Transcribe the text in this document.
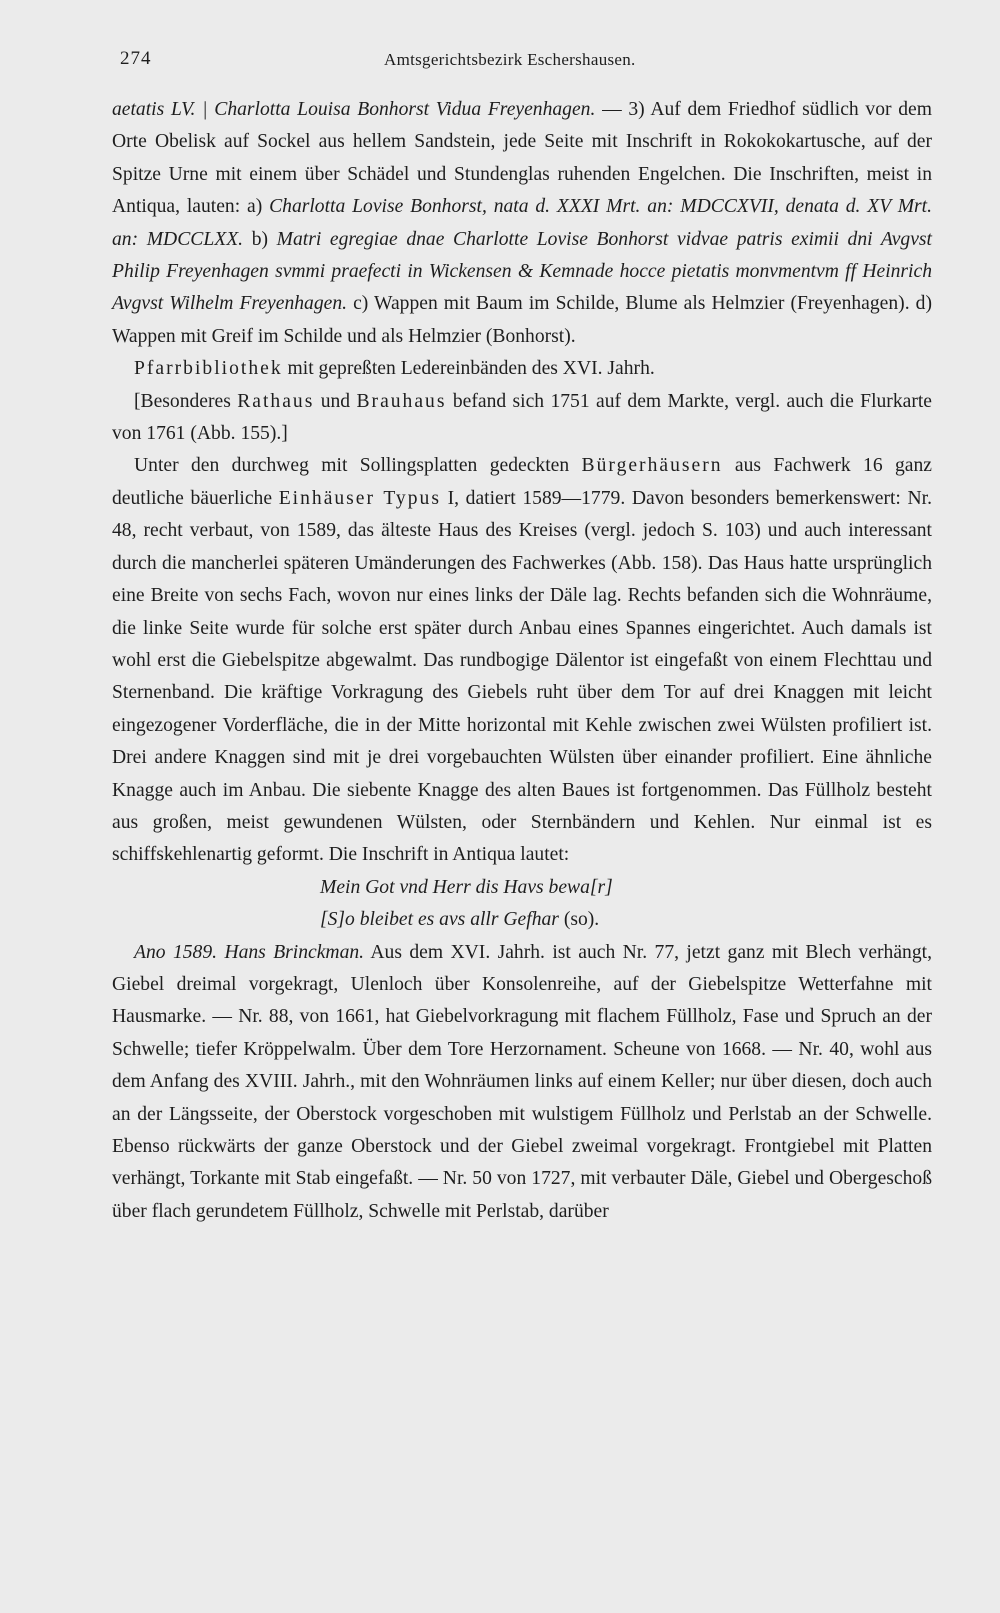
274	Amtsgerichtsbezirk Eschershausen.

aetatis LV. | Charlotta Louisa Bonhorst Vidua Freyenhagen. — 3) Auf dem Friedhof südlich vor dem Orte Obelisk auf Sockel aus hellem Sandstein, jede Seite mit Inschrift in Rokokokartusche, auf der Spitze Urne mit einem über Schädel und Stundenglas ruhenden Engelchen. Die Inschriften, meist in Antiqua, lauten: a) Charlotta Lovise Bonhorst, nata d. XXXI Mrt. an: MDCCXVII, denata d. XV Mrt. an: MDCCLXX. b) Matri egregiae dnae Charlotte Lovise Bonhorst vidvae patris eximii dni Avgvst Philip Freyenhagen svmmi praefecti in Wickensen & Kemnade hocce pietatis monvmentvm ff Heinrich Avgvst Wilhelm Freyenhagen. c) Wappen mit Baum im Schilde, Blume als Helmzier (Freyenhagen). d) Wappen mit Greif im Schilde und als Helmzier (Bonhorst).

Pfarrbibliothek mit gepreßten Ledereinbänden des XVI. Jahrh.

[Besonderes Rathaus und Brauhaus befand sich 1751 auf dem Markte, vergl. auch die Flurkarte von 1761 (Abb. 155).]

Unter den durchweg mit Sollingsplatten gedeckten Bürgerhäusern aus Fachwerk 16 ganz deutliche bäuerliche Einhäuser Typus I, datiert 1589—1779. Davon besonders bemerkenswert: Nr. 48, recht verbaut, von 1589, das älteste Haus des Kreises (vergl. jedoch S. 103) und auch interessant durch die mancherlei späteren Umänderungen des Fachwerkes (Abb. 158). Das Haus hatte ursprünglich eine Breite von sechs Fach, wovon nur eines links der Däle lag. Rechts befanden sich die Wohnräume, die linke Seite wurde für solche erst später durch Anbau eines Spannes eingerichtet. Auch damals ist wohl erst die Giebelspitze abgewalmt. Das rundbogige Dälentor ist eingefaßt von einem Flechttau und Sternenband. Die kräftige Vorkragung des Giebels ruht über dem Tor auf drei Knaggen mit leicht eingezogener Vorderfläche, die in der Mitte horizontal mit Kehle zwischen zwei Wülsten profiliert ist. Drei andere Knaggen sind mit je drei vorgebauchten Wülsten über einander profiliert. Eine ähnliche Knagge auch im Anbau. Die siebente Knagge des alten Baues ist fortgenommen. Das Füllholz besteht aus großen, meist gewundenen Wülsten, oder Sternbändern und Kehlen. Nur einmal ist es schiffskehlenartig geformt. Die Inschrift in Antiqua lautet:

Mein Got vnd Herr dis Havs bewa[r]
[S]o bleibet es avs allr Gefhar (so).

Ano 1589. Hans Brinckman. Aus dem XVI. Jahrh. ist auch Nr. 77, jetzt ganz mit Blech verhängt, Giebel dreimal vorgekragt, Ulenloch über Konsolenreihe, auf der Giebelspitze Wetterfahne mit Hausmarke. — Nr. 88, von 1661, hat Giebelvorkragung mit flachem Füllholz, Fase und Spruch an der Schwelle; tiefer Kröppelwalm. Über dem Tore Herzornament. Scheune von 1668. — Nr. 40, wohl aus dem Anfang des XVIII. Jahrh., mit den Wohnräumen links auf einem Keller; nur über diesen, doch auch an der Längsseite, der Oberstock vorgeschoben mit wulstigem Füllholz und Perlstab an der Schwelle. Ebenso rückwärts der ganze Oberstock und der Giebel zweimal vorgekragt. Frontgiebel mit Platten verhängt, Torkante mit Stab eingefaßt. — Nr. 50 von 1727, mit verbauter Däle, Giebel und Obergeschoß über flach gerundetem Füllholz, Schwelle mit Perlstab, darüber
